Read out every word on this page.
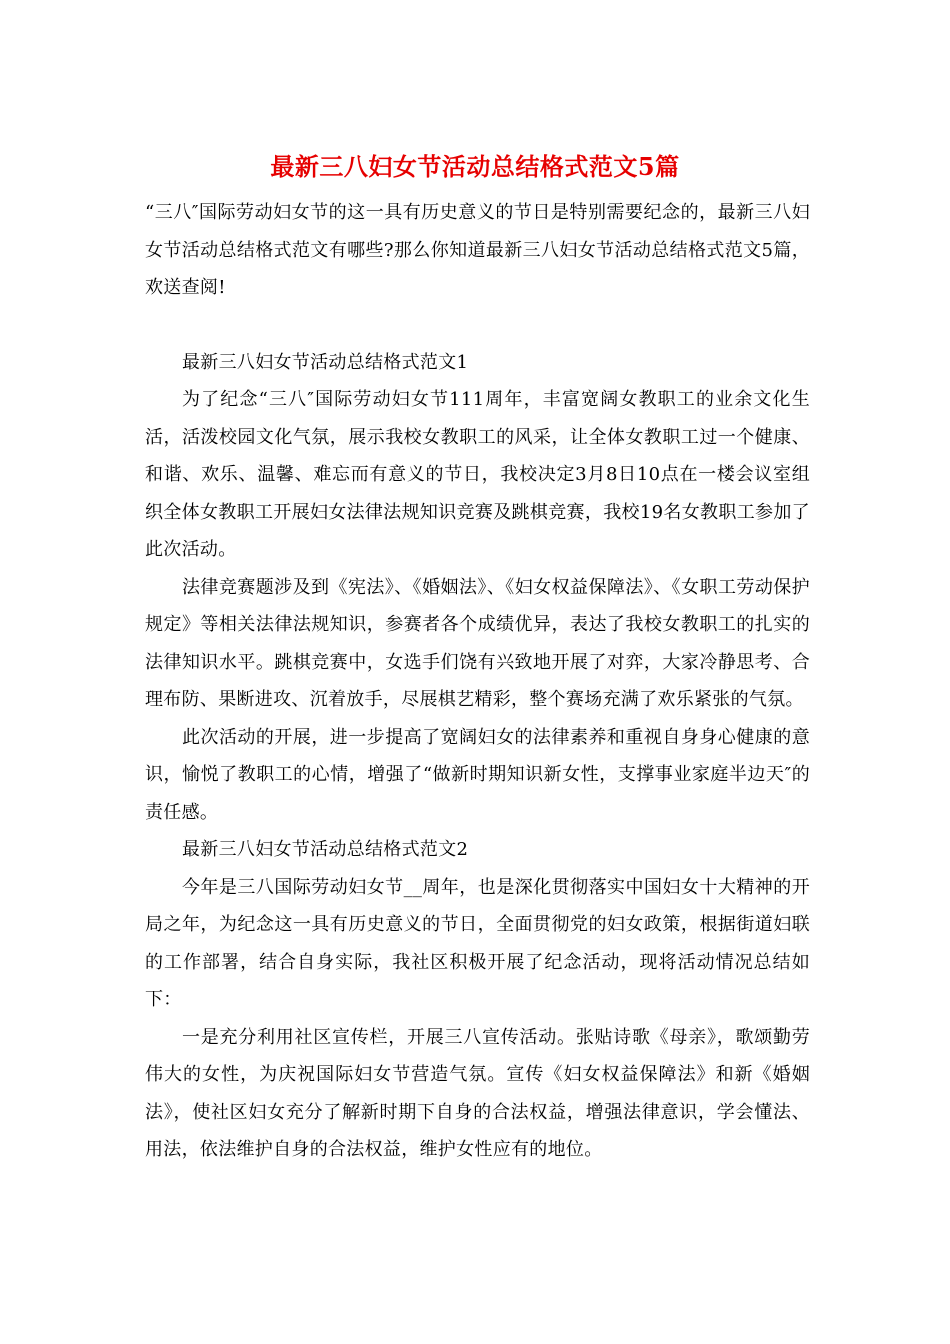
最新三八妇女节活动总结格式范文5篇

“三八″国际劳动妇女节的这一具有历史意义的节日是特别需要纪念的，最新三八妇女节活动总结格式范文有哪些?那么你知道最新三八妇女节活动总结格式范文5篇，欢送查阅!

最新三八妇女节活动总结格式范文1

为了纪念“三八″国际劳动妇女节111周年，丰富宽阔女教职工的业余文化生活，活泼校园文化气氛，展示我校女教职工的风采，让全体女教职工过一个健康、和谐、欢乐、温馨、难忘而有意义的节日，我校决定3月8日10点在一楼会议室组织全体女教职工开展妇女法律法规知识竞赛及跳棋竞赛，我校19名女教职工参加了此次活动。

法律竞赛题涉及到《宪法》、《婚姻法》、《妇女权益保障法》、《女职工劳动保护规定》等相关法律法规知识，参赛者各个成绩优异，表达了我校女教职工的扎实的法律知识水平。跳棋竞赛中，女选手们饶有兴致地开展了对弈，大家冷静思考、合理布防、果断进攻、沉着放手，尽展棋艺精彩，整个赛场充满了欢乐紧张的气氛。

此次活动的开展，进一步提高了宽阔妇女的法律素养和重视自身身心健康的意识，愉悦了教职工的心情，增强了“做新时期知识新女性，支撑事业家庭半边天″的责任感。

最新三八妇女节活动总结格式范文2

今年是三八国际劳动妇女节__周年，也是深化贯彻落实中国妇女十大精神的开局之年，为纪念这一具有历史意义的节日，全面贯彻党的妇女政策，根据街道妇联的工作部署，结合自身实际，我社区积极开展了纪念活动，现将活动情况总结如下：

一是充分利用社区宣传栏，开展三八宣传活动。张贴诗歌《母亲》，歌颂勤劳伟大的女性，为庆祝国际妇女节营造气氛。宣传《妇女权益保障法》和新《婚姻法》，使社区妇女充分了解新时期下自身的合法权益，增强法律意识，学会懂法、用法，依法维护自身的合法权益，维护女性应有的地位。
